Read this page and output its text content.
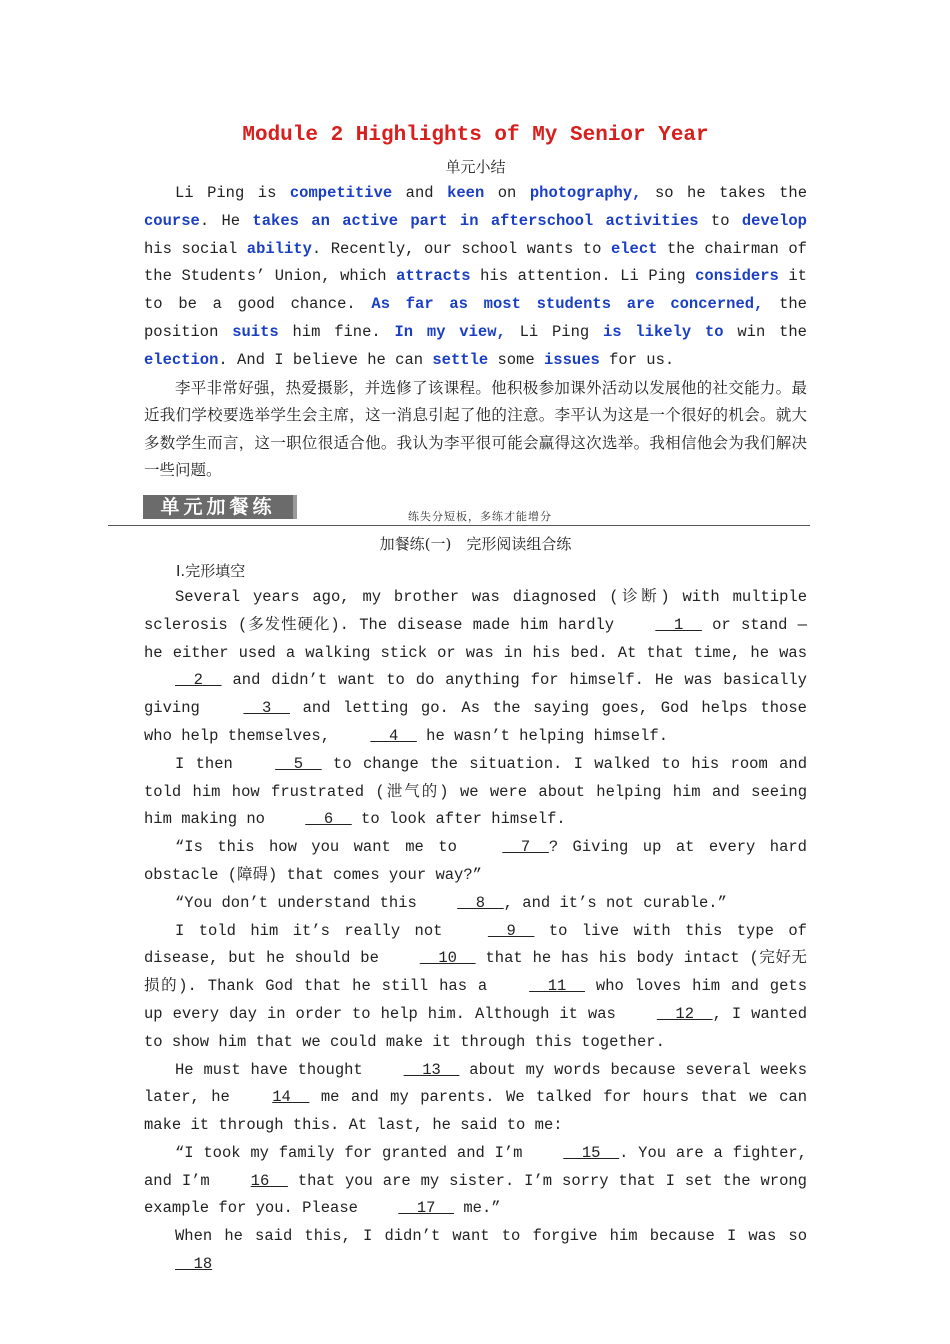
Module 2 Highlights of My Senior Year
单元小结

Li Ping is competitive and keen on photography, so he takes the course. He takes an active part in afterschool activities to develop his social ability. Recently, our school wants to elect the chairman of the Students’ Union, which attracts his attention. Li Ping considers it to be a good chance. As far as most students are concerned, the position suits him fine. In my view, Li Ping is likely to win the election. And I believe he can settle some issues for us.

李平非常好强，热爱摄影，并选修了该课程。他积极参加课外活动以发展他的社交能力。最近我们学校要选举学生会主席，这一消息引起了他的注意。李平认为这是一个很好的机会。就大多数学生而言，这一职位很适合他。我认为李平很可能会赢得这次选举。我相信他会为我们解决一些问题。

单元加餐练	练失分短板，多练才能增分
加餐练(一)　完形阅读组合练
Ⅰ.完形填空

Several years ago, my brother was diagnosed (诊断) with multiple sclerosis (多发性硬化). The disease made him hardly   1   or stand — he either used a walking stick or was in his bed. At that time, he was   2   and didn’t want to do anything for himself. He was basically giving   3   and letting go. As the saying goes, God helps those who help themselves,   4   he wasn’t helping himself.

I then   5   to change the situation. I walked to his room and told him how frustrated (泄气的) we were about helping him and seeing him making no   6   to look after himself.

“Is this how you want me to   7  ? Giving up at every hard obstacle (障碍) that comes your way?”

“You don’t understand this   8  , and it’s not curable.”

I told him it’s really not   9   to live with this type of disease, but he should be   10   that he has his body intact (完好无损的). Thank God that he still has a   11   who loves him and gets up every day in order to help him. Although it was   12  , I wanted to show him that we could make it through this together.

He must have thought   13   about my words because several weeks later, he 14   me and my parents. We talked for hours that we can make it through this. At last, he said to me:

“I took my family for granted and I’m   15  . You are a fighter, and I’m 16   that you are my sister. I’m sorry that I set the wrong example for you. Please   17   me.”

When he said this, I didn’t want to forgive him because I was so   18
